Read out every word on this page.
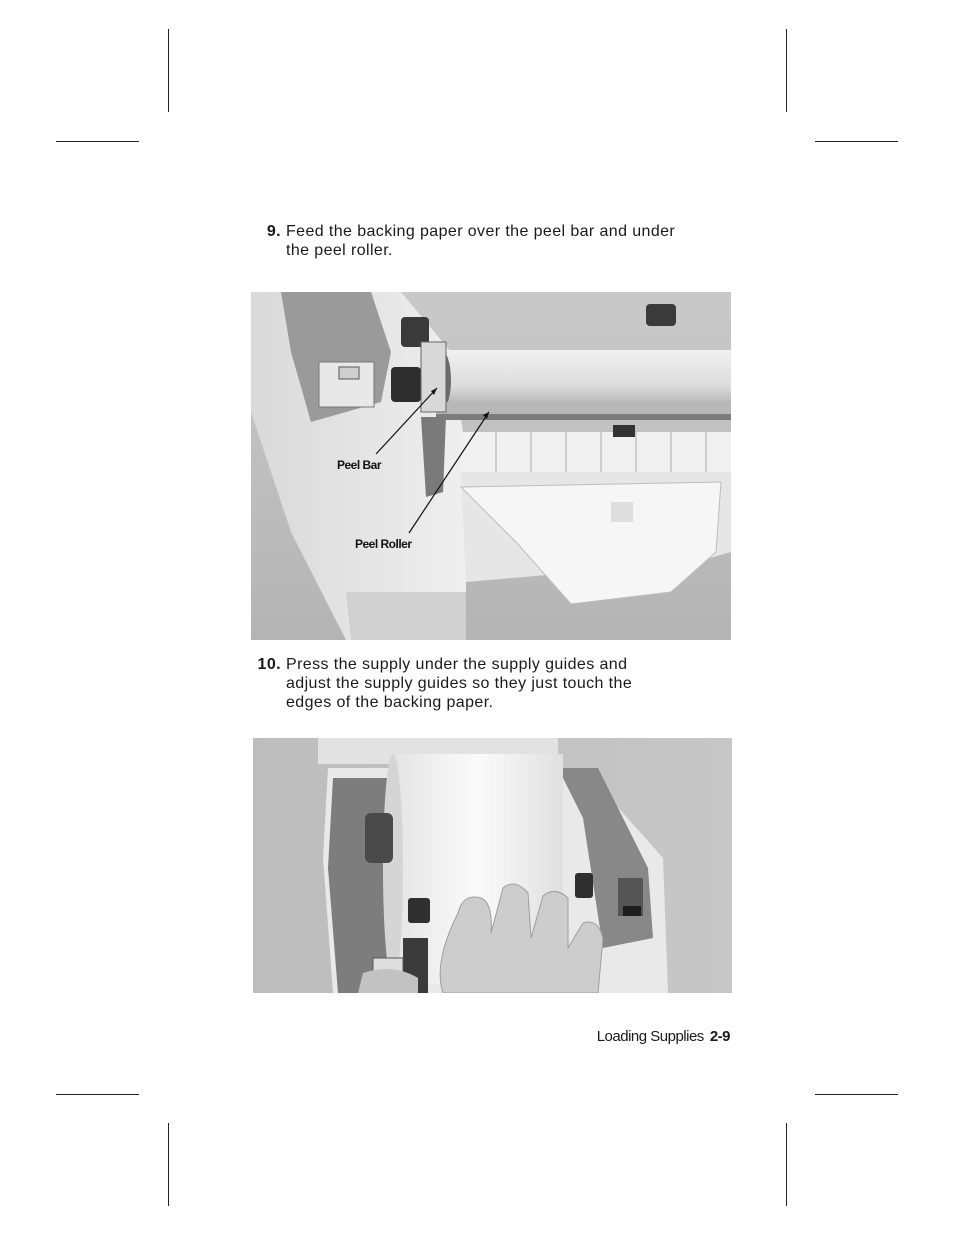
9. Feed the backing paper over the peel bar and under
the peel roller.
Peel Bar
Peel Roller
10. Press the supply under the supply guides and
adjust the supply guides so they just touch the
edges of the backing paper.
Loading Supplies 2-9
